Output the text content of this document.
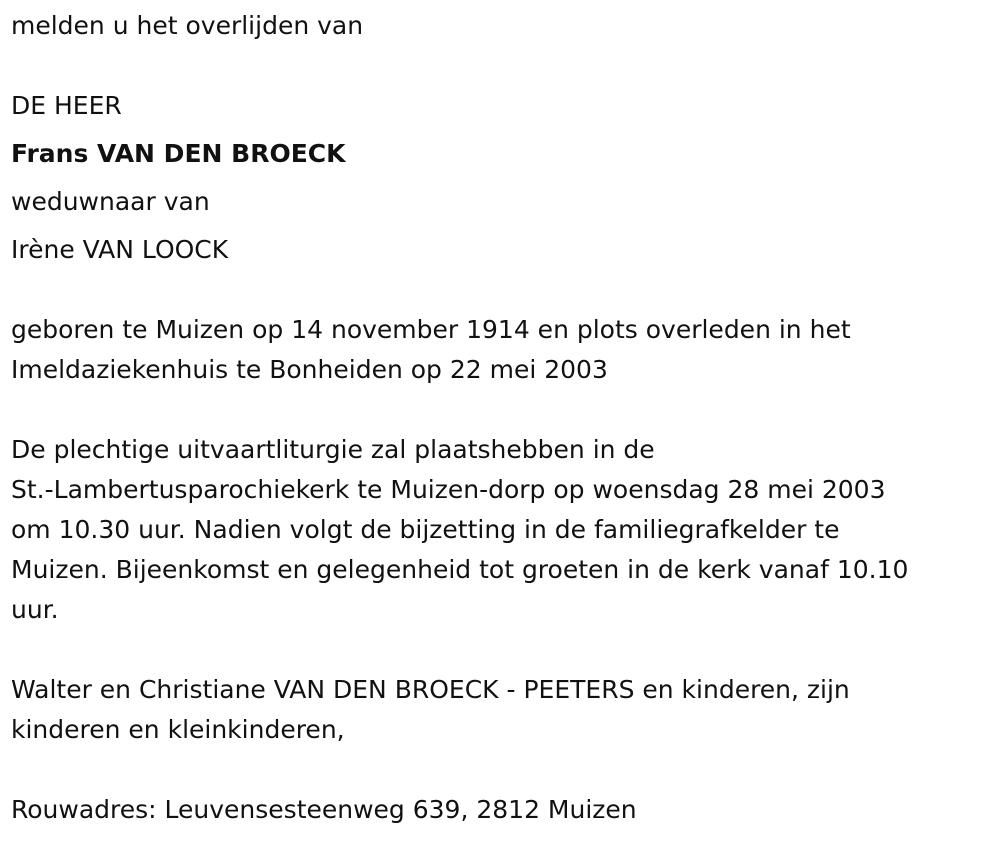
melden u het overlijden van
DE HEER
Frans VAN DEN BROECK
weduwnaar van
Irène VAN LOOCK
geboren te Muizen op 14 november 1914 en plots overleden in het
Imeldaziekenhuis te Bonheiden op 22 mei 2003
De plechtige uitvaartliturgie zal plaatshebben in de
St.-Lambertusparochiekerk te Muizen-dorp op woensdag 28 mei 2003
om 10.30 uur. Nadien volgt de bijzetting in de familiegrafkelder te
Muizen. Bijeenkomst en gelegenheid tot groeten in de kerk vanaf 10.10
uur.
Walter en Christiane VAN DEN BROECK - PEETERS en kinderen, zijn
kinderen en kleinkinderen,
Rouwadres: Leuvensesteenweg 639, 2812 Muizen
